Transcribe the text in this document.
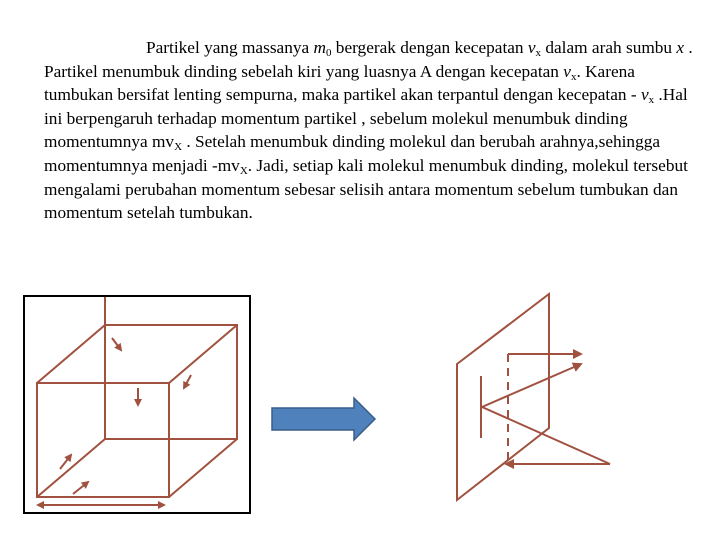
Partikel yang massanya $m_0$ bergerak dengan kecepatan $v_x$ dalam arah sumbu x . Partikel menumbuk dinding sebelah kiri yang luasnya A dengan kecepatan $v_x$. Karena tumbukan bersifat lenting sempurna, maka partikel akan terpantul dengan kecepatan - $v_x$ .Hal ini berpengaruh terhadap momentum partikel , sebelum molekul menumbuk dinding momentumnya $mv_X$ . Setelah menumbuk dinding molekul dan berubah arahnya,sehingga momentumnya menjadi $-mv_X$. Jadi, setiap kali molekul menumbuk dinding, molekul tersebut mengalami perubahan momentum sebesar selisih antara momentum sebelum tumbukan dan momentum setelah tumbukan.
